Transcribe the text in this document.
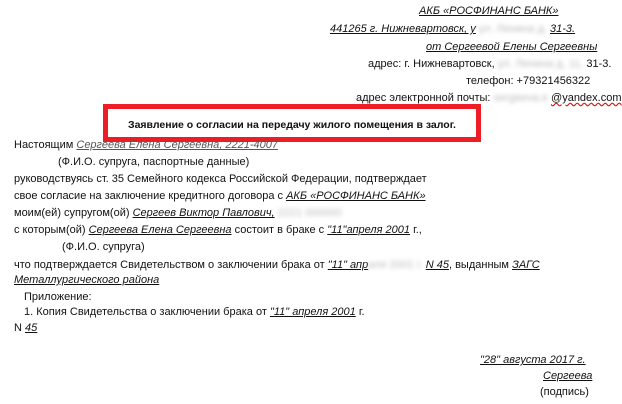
АКБ «РОСФИНАНС БАНК»
441265 г. Нижневартовск, у ул. Ленина д. 31-3.
от Сергеевой Елены Сергеевны
адрес: г. Нижневартовск, ул. Ленина д. 11, 31-3.
телефон: +79321456322
адрес электронной почты: sergeeva.e @yandex.com
Заявление о согласии на передачу жилого помещения в залог.
Настоящим Сергеева Елена Сергеевна, 2221-4007
(Ф.И.О. супруга, паспортные данные)
руководствуясь ст. 35 Семейного кодекса Российской Федерации, подтверждает
свое согласие на заключение кредитного договора с АКБ «РОСФИНАНС БАНК»
моим(ей) супругом(ой) Сергеев Виктор Павлович, 2221 000000
с которым(ой) Сергеева Елена Сергеевна состоит в браке с "11"апреля 2001 г.,
(Ф.И.О. супруга)
что подтверждается Свидетельством о заключении брака от "11" апреля 2001 г. N 45, выданным ЗАГС
Металлургического района
Приложение:
1. Копия Свидетельства о заключении брака от "11" апреля 2001 г.
N 45
"28" августа 2017 г.
Сергеева
(подпись)
